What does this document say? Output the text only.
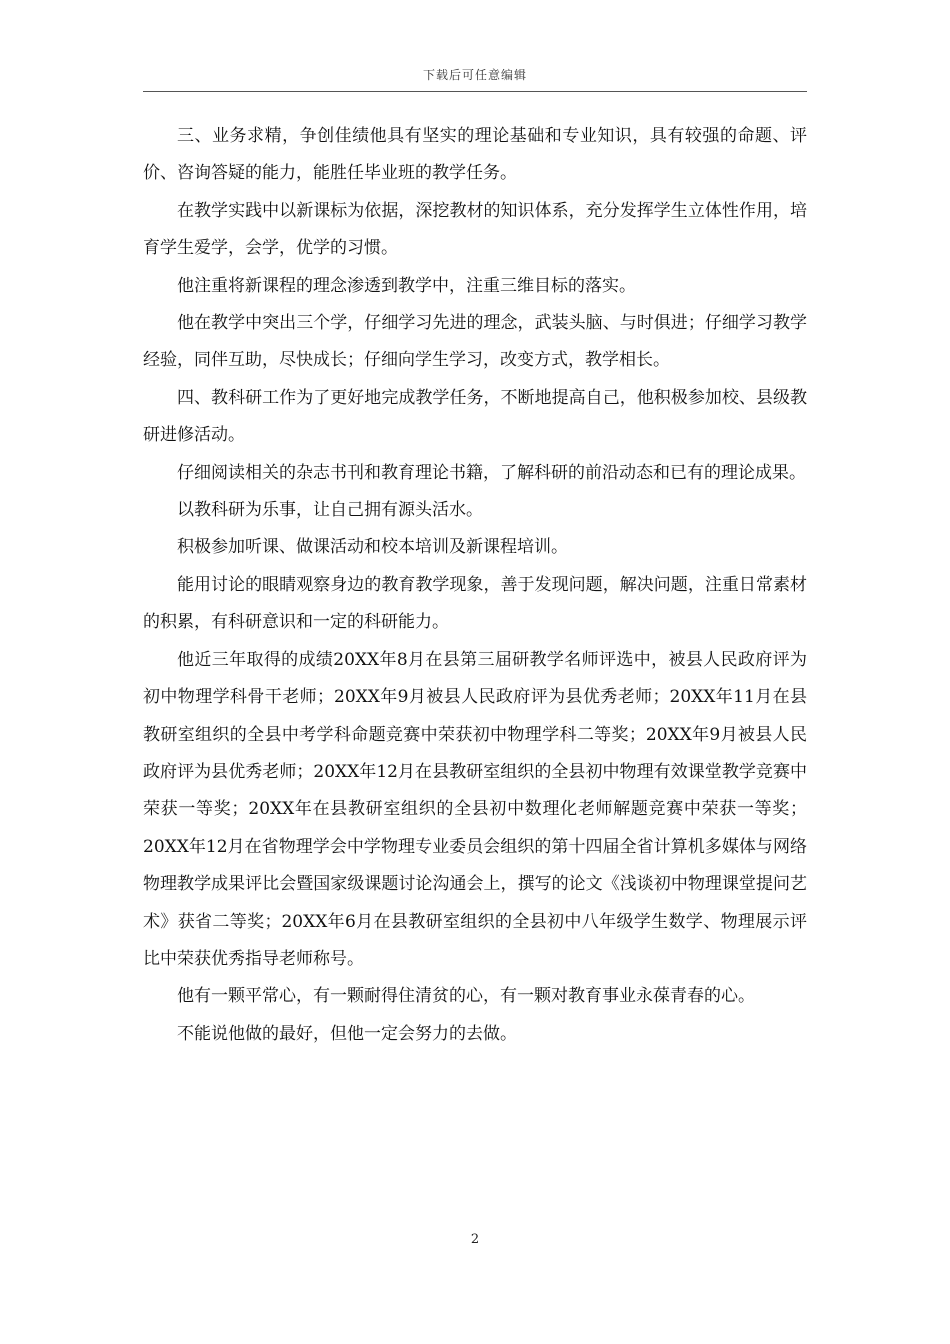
下载后可任意编辑

三、业务求精，争创佳绩他具有坚实的理论基础和专业知识，具有较强的命题、评价、咨询答疑的能力，能胜任毕业班的教学任务。

在教学实践中以新课标为依据，深挖教材的知识体系，充分发挥学生立体性作用，培育学生爱学，会学，优学的习惯。

他注重将新课程的理念渗透到教学中，注重三维目标的落实。

他在教学中突出三个学，仔细学习先进的理念，武装头脑、与时俱进；仔细学习教学经验，同伴互助，尽快成长；仔细向学生学习，改变方式，教学相长。

四、教科研工作为了更好地完成教学任务，不断地提高自己，他积极参加校、县级教研进修活动。

仔细阅读相关的杂志书刊和教育理论书籍，了解科研的前沿动态和已有的理论成果。

以教科研为乐事，让自己拥有源头活水。

积极参加听课、做课活动和校本培训及新课程培训。

能用讨论的眼睛观察身边的教育教学现象，善于发现问题，解决问题，注重日常素材的积累，有科研意识和一定的科研能力。

他近三年取得的成绩20XX年8月在县第三届研教学名师评选中，被县人民政府评为初中物理学科骨干老师；20XX年9月被县人民政府评为县优秀老师；20XX年11月在县教研室组织的全县中考学科命题竞赛中荣获初中物理学科二等奖；20XX年9月被县人民政府评为县优秀老师；20XX年12月在县教研室组织的全县初中物理有效课堂教学竞赛中荣获一等奖；20XX年在县教研室组织的全县初中数理化老师解题竞赛中荣获一等奖；20XX年12月在省物理学会中学物理专业委员会组织的第十四届全省计算机多媒体与网络物理教学成果评比会暨国家级课题讨论沟通会上，撰写的论文《浅谈初中物理课堂提问艺术》获省二等奖；20XX年6月在县教研室组织的全县初中八年级学生数学、物理展示评比中荣获优秀指导老师称号。

他有一颗平常心，有一颗耐得住清贫的心，有一颗对教育事业永葆青春的心。

不能说他做的最好，但他一定会努力的去做。

2
